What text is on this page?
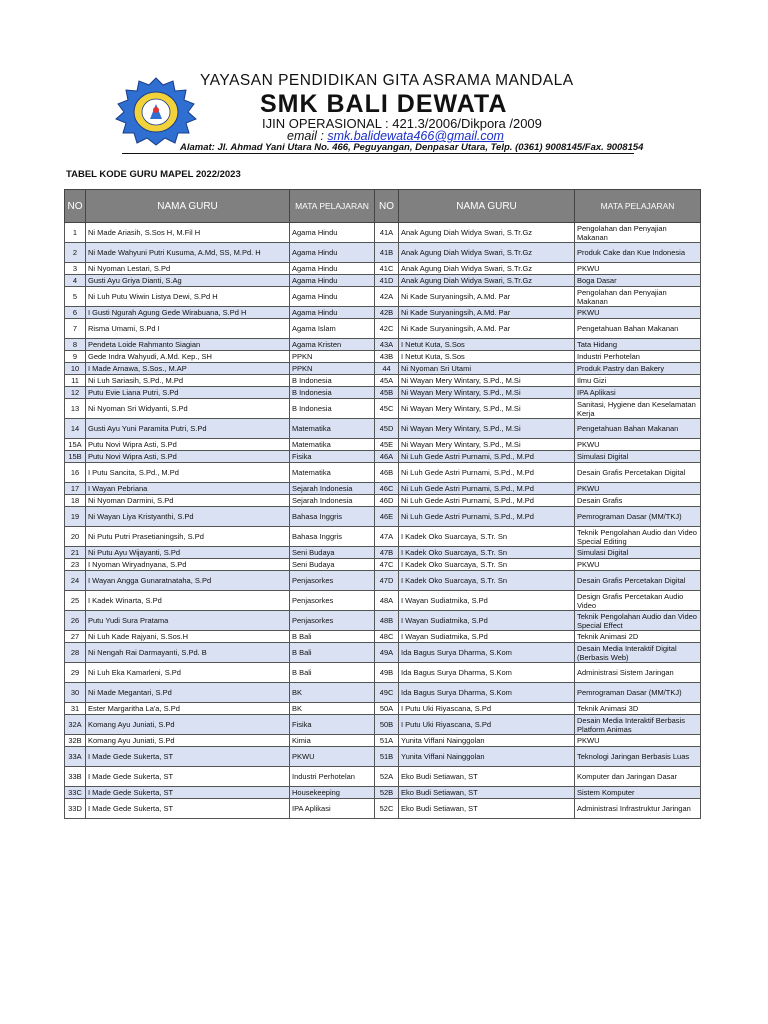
YAYASAN PENDIDIKAN GITA ASRAMA MANDALA
SMK BALI DEWATA
IJIN OPERASIONAL : 421.3/2006/Dikpora /2009
email : smk.balidewata466@gmail.com
Alamat: Jl. Ahmad Yani Utara No. 466, Peguyangan, Denpasar Utara, Telp. (0361) 9008145/Fax. 9008154
TABEL KODE GURU MAPEL 2022/2023
NO	NAMA GURU	MATA PELAJARAN	NO	NAMA GURU	MATA PELAJARAN
1	Ni Made Ariasih, S.Sos H, M.Fil H	Agama Hindu	41A	Anak Agung Diah Widya Swari, S.Tr.Gz	Pengolahan dan Penyajian Makanan
2	Ni Made Wahyuni Putri Kusuma, A.Md, SS, M.Pd. H	Agama Hindu	41B	Anak Agung Diah Widya Swari, S.Tr.Gz	Produk Cake dan Kue Indonesia
3	Ni Nyoman Lestari, S.Pd	Agama Hindu	41C	Anak Agung Diah Widya Swari, S.Tr.Gz	PKWU
4	Gusti Ayu Griya Dianti, S.Ag	Agama Hindu	41D	Anak Agung Diah Widya Swari, S.Tr.Gz	Boga Dasar
5	Ni Luh Putu Wiwin Listya Dewi, S.Pd H	Agama Hindu	42A	Ni Kade Suryaningsih, A.Md. Par	Pengolahan dan Penyajian Makanan
6	I Gusti Ngurah Agung Gede Wirabuana, S.Pd H	Agama Hindu	42B	Ni Kade Suryaningsih, A.Md. Par	PKWU
7	Risma Umami, S.Pd I	Agama Islam	42C	Ni Kade Suryaningsih, A.Md. Par	Pengetahuan Bahan Makanan
8	Pendeta Loide Rahmanto Siagian	Agama Kristen	43A	I Netut Kuta, S.Sos	Tata Hidang
9	Gede Indra Wahyudi, A.Md. Kep., SH	PPKN	43B	I Netut Kuta, S.Sos	Industri Perhotelan
10	I Made Arnawa, S.Sos., M.AP	PPKN	44	Ni Nyoman Sri Utami	Produk Pastry dan Bakery
11	Ni Luh Sariasih, S.Pd., M.Pd	B Indonesia	45A	Ni Wayan Mery Wintary, S.Pd., M.Si	Ilmu Gizi
12	Putu Evie Liana Putri, S.Pd	B Indonesia	45B	Ni Wayan Mery Wintary, S.Pd., M.Si	IPA Aplikasi
13	Ni Nyoman Sri Widyanti, S.Pd	B Indonesia	45C	Ni Wayan Mery Wintary, S.Pd., M.Si	Sanitasi, Hygiene dan Keselamatan Kerja
14	Gusti Ayu Yuni Paramita Putri, S.Pd	Matematika	45D	Ni Wayan Mery Wintary, S.Pd., M.Si	Pengetahuan Bahan Makanan
15A	Putu Novi Wipra Asti, S.Pd	Matematika	45E	Ni Wayan Mery Wintary, S.Pd., M.Si	PKWU
15B	Putu Novi Wipra Asti, S.Pd	Fisika	46A	Ni Luh Gede Astri Purnami, S.Pd., M.Pd	Simulasi Digital
16	I Putu Sancita, S.Pd., M.Pd	Matematika	46B	Ni Luh Gede Astri Purnami, S.Pd., M.Pd	Desain Grafis Percetakan Digital
17	I Wayan Pebriana	Sejarah Indonesia	46C	Ni Luh Gede Astri Purnami, S.Pd., M.Pd	PKWU
18	Ni Nyoman Darmini, S.Pd	Sejarah Indonesia	46D	Ni Luh Gede Astri Purnami, S.Pd., M.Pd	Desain Grafis
19	Ni Wayan Liya Kristyanthi, S.Pd	Bahasa Inggris	46E	Ni Luh Gede Astri Purnami, S.Pd., M.Pd	Pemrograman Dasar (MM/TKJ)
20	Ni Putu Putri Prasetianingsih, S.Pd	Bahasa Inggris	47A	I Kadek Oko Suarcaya, S.Tr. Sn	Teknik Pengolahan Audio dan Video Special Editing
21	Ni Putu Ayu Wijayanti, S.Pd	Seni Budaya	47B	I Kadek Oko Suarcaya, S.Tr. Sn	Simulasi Digital
23	I Nyoman Wiryadnyana, S.Pd	Seni Budaya	47C	I Kadek Oko Suarcaya, S.Tr. Sn	PKWU
24	I Wayan Angga Gunaratnataha, S.Pd	Penjasorkes	47D	I Kadek Oko Suarcaya, S.Tr. Sn	Desain Grafis Percetakan Digital
25	I Kadek Winarta, S.Pd	Penjasorkes	48A	I Wayan Sudiatmika, S.Pd	Design Grafis Percetakan Audio Video
26	Putu Yudi Sura Pratama	Penjasorkes	48B	I Wayan Sudiatmika, S.Pd	Teknik Pengolahan Audio dan Video Special Effect
27	Ni Luh Kade Rajyani, S.Sos.H	B Bali	48C	I Wayan Sudiatmika, S.Pd	Teknik Animasi 2D
28	Ni Nengah Rai Darmayanti, S.Pd. B	B Bali	49A	Ida Bagus Surya Dharma, S.Kom	Desain Media Interaktif Digital (Berbasis Web)
29	Ni Luh Eka Kamarleni, S.Pd	B Bali	49B	Ida Bagus Surya Dharma, S.Kom	Administrasi Sistem Jaringan
30	Ni Made Megantari, S.Pd	BK	49C	Ida Bagus Surya Dharma, S.Kom	Pemrograman Dasar (MM/TKJ)
31	Ester Margaritha La'a, S.Pd	BK	50A	I Putu Uki Riyascana, S.Pd	Teknik Animasi 3D
32A	Komang Ayu Juniati, S.Pd	Fisika	50B	I Putu Uki Riyascana, S.Pd	Desain Media Interaktif Berbasis Platform Animas
32B	Komang Ayu Juniati, S.Pd	Kimia	51A	Yunita Viffani Nainggolan	PKWU
33A	I Made Gede Sukerta, ST	PKWU	51B	Yunita Viffani Nainggolan	Teknologi Jaringan Berbasis Luas
33B	I Made Gede Sukerta, ST	Industri Perhotelan	52A	Eko Budi Setiawan, ST	Komputer dan Jaringan Dasar
33C	I Made Gede Sukerta, ST	Housekeeping	52B	Eko Budi Setiawan, ST	Sistem Komputer
33D	I Made Gede Sukerta, ST	IPA Aplikasi	52C	Eko Budi Setiawan, ST	Administrasi Infrastruktur Jaringan
